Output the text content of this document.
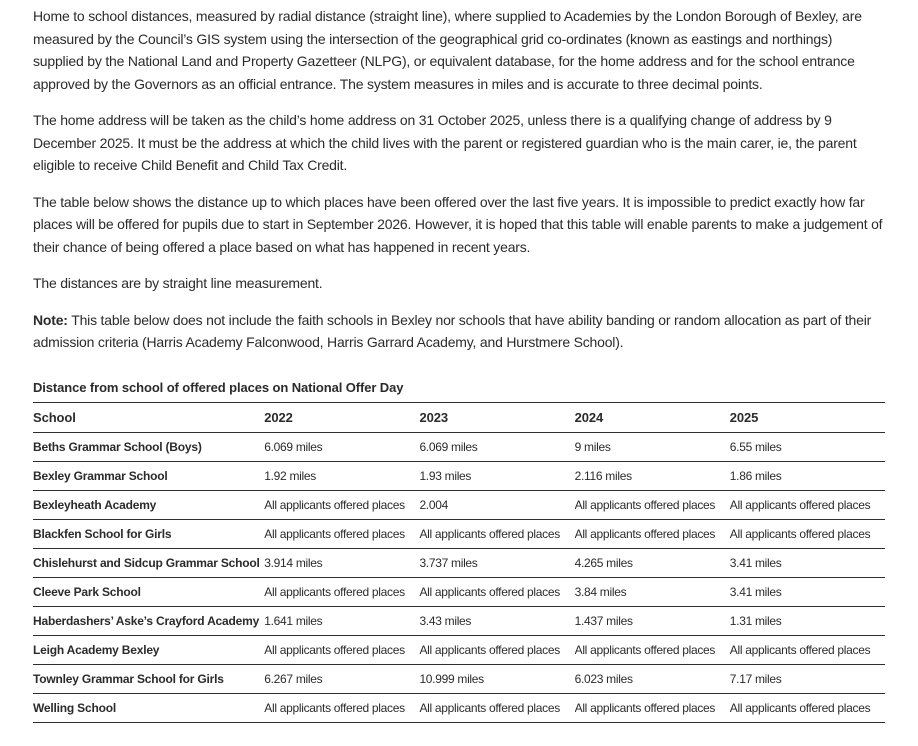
Home to school distances, measured by radial distance (straight line), where supplied to Academies by the London Borough of Bexley, are measured by the Council’s GIS system using the intersection of the geographical grid co-ordinates (known as eastings and northings) supplied by the National Land and Property Gazetteer (NLPG), or equivalent database, for the home address and for the school entrance approved by the Governors as an official entrance. The system measures in miles and is accurate to three decimal points.

The home address will be taken as the child’s home address on 31 October 2025, unless there is a qualifying change of address by 9 December 2025. It must be the address at which the child lives with the parent or registered guardian who is the main carer, ie, the parent eligible to receive Child Benefit and Child Tax Credit.

The table below shows the distance up to which places have been offered over the last five years. It is impossible to predict exactly how far places will be offered for pupils due to start in September 2026. However, it is hoped that this table will enable parents to make a judgement of their chance of being offered a place based on what has happened in recent years.

The distances are by straight line measurement.

Note: This table below does not include the faith schools in Bexley nor schools that have ability banding or random allocation as part of their admission criteria (Harris Academy Falconwood, Harris Garrard Academy, and Hurstmere School).

Distance from school of offered places on National Offer Day
School	2022	2023	2024	2025
Beths Grammar School (Boys)	6.069 miles	6.069 miles	9 miles	6.55 miles
Bexley Grammar School	1.92 miles	1.93 miles	2.116 miles	1.86 miles
Bexleyheath Academy	All applicants offered places	2.004	All applicants offered places	All applicants offered places
Blackfen School for Girls	All applicants offered places	All applicants offered places	All applicants offered places	All applicants offered places
Chislehurst and Sidcup Grammar School	3.914 miles	3.737 miles	4.265 miles	3.41 miles
Cleeve Park School	All applicants offered places	All applicants offered places	3.84 miles	3.41 miles
Haberdashers’ Aske’s Crayford Academy	1.641 miles	3.43 miles	1.437 miles	1.31 miles
Leigh Academy Bexley	All applicants offered places	All applicants offered places	All applicants offered places	All applicants offered places
Townley Grammar School for Girls	6.267 miles	10.999 miles	6.023 miles	7.17 miles
Welling School	All applicants offered places	All applicants offered places	All applicants offered places	All applicants offered places
